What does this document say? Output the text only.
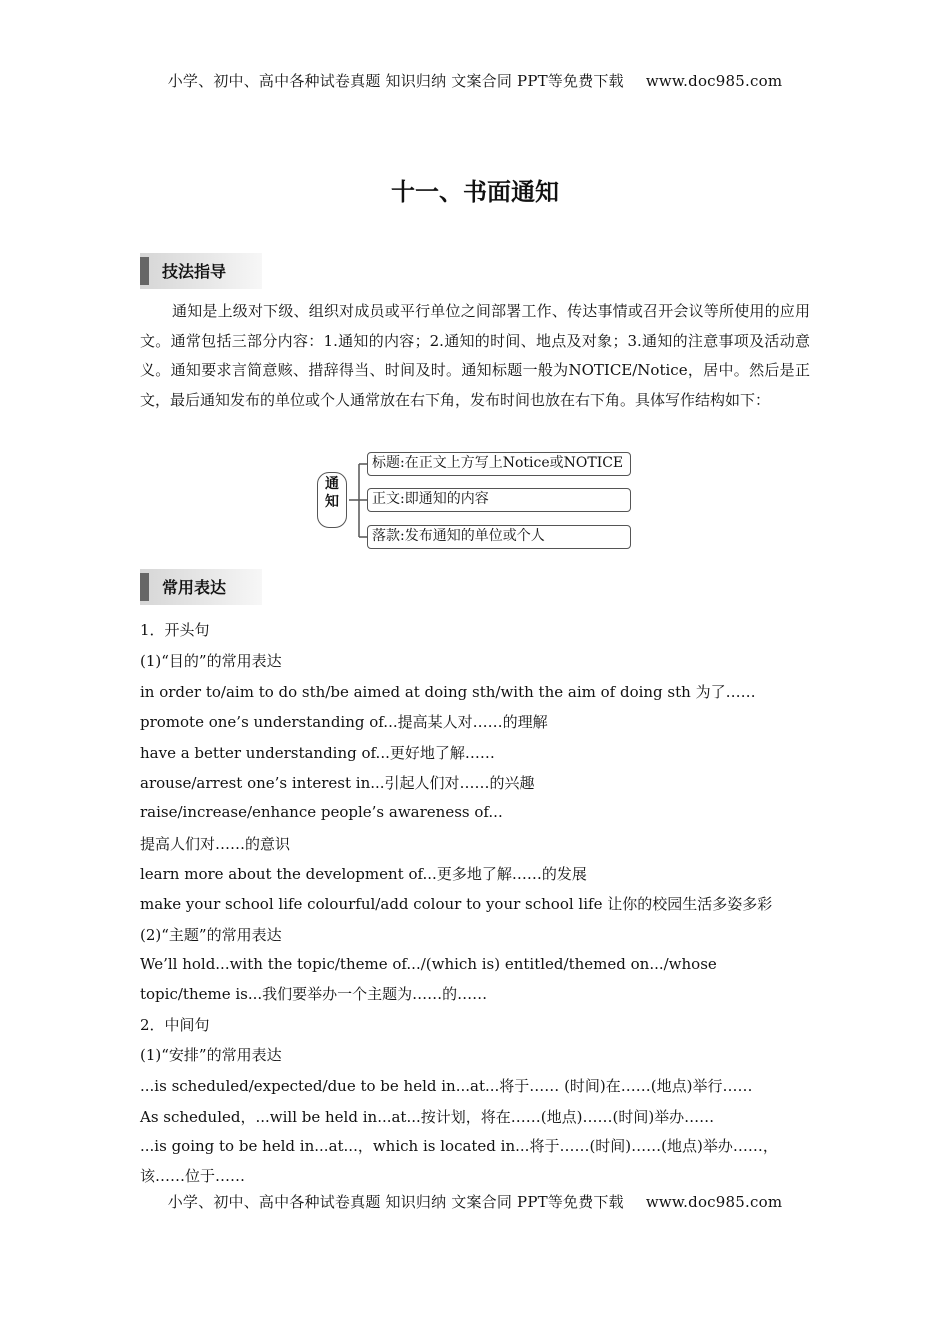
小学、初中、高中各种试卷真题 知识归纳 文案合同 PPT等免费下载 www.doc985.com
十一、书面通知
技法指导

通知是上级对下级、组织对成员或平行单位之间部署工作、传达事情或召开会议等所使用的应用文。通常包括三部分内容：1.通知的内容；2.通知的时间、地点及对象；3.通知的注意事项及活动意义。通知要求言简意赅、措辞得当、时间及时。通知标题一般为NOTICE/Notice，居中。然后是正文，最后通知发布的单位或个人通常放在右下角，发布时间也放在右下角。具体写作结构如下：

通
知
标题:在正文上方写上Notice或NOTICE
正文:即通知的内容
落款:发布通知的单位或个人
常用表达
1．开头句
(1)“目的”的常用表达
in order to/aim to do sth/be aimed at doing sth/with the aim of doing sth 为了……
promote one’s understanding of...提高某人对……的理解
have a better understanding of...更好地了解……
arouse/arrest one’s interest in...引起人们对……的兴趣
raise/increase/enhance people’s awareness of...
提高人们对……的意识
learn more about the development of...更多地了解……的发展
make your school life colourful/add colour to your school life 让你的校园生活多姿多彩
(2)“主题”的常用表达
We’ll hold...with the topic/theme of.../(which is) entitled/themed on.../whose topic/theme is...我们要举办一个主题为……的……
2．中间句
(1)“安排”的常用表达
...is scheduled/expected/due to be held in...at...将于…… (时间)在……(地点)举行……
As scheduled，...will be held in...at...按计划，将在……(地点)……(时间)举办……
...is going to be held in...at...，which is located in...将于……(时间)……(地点)举办……，该……位于……
小学、初中、高中各种试卷真题 知识归纳 文案合同 PPT等免费下载 www.doc985.com
